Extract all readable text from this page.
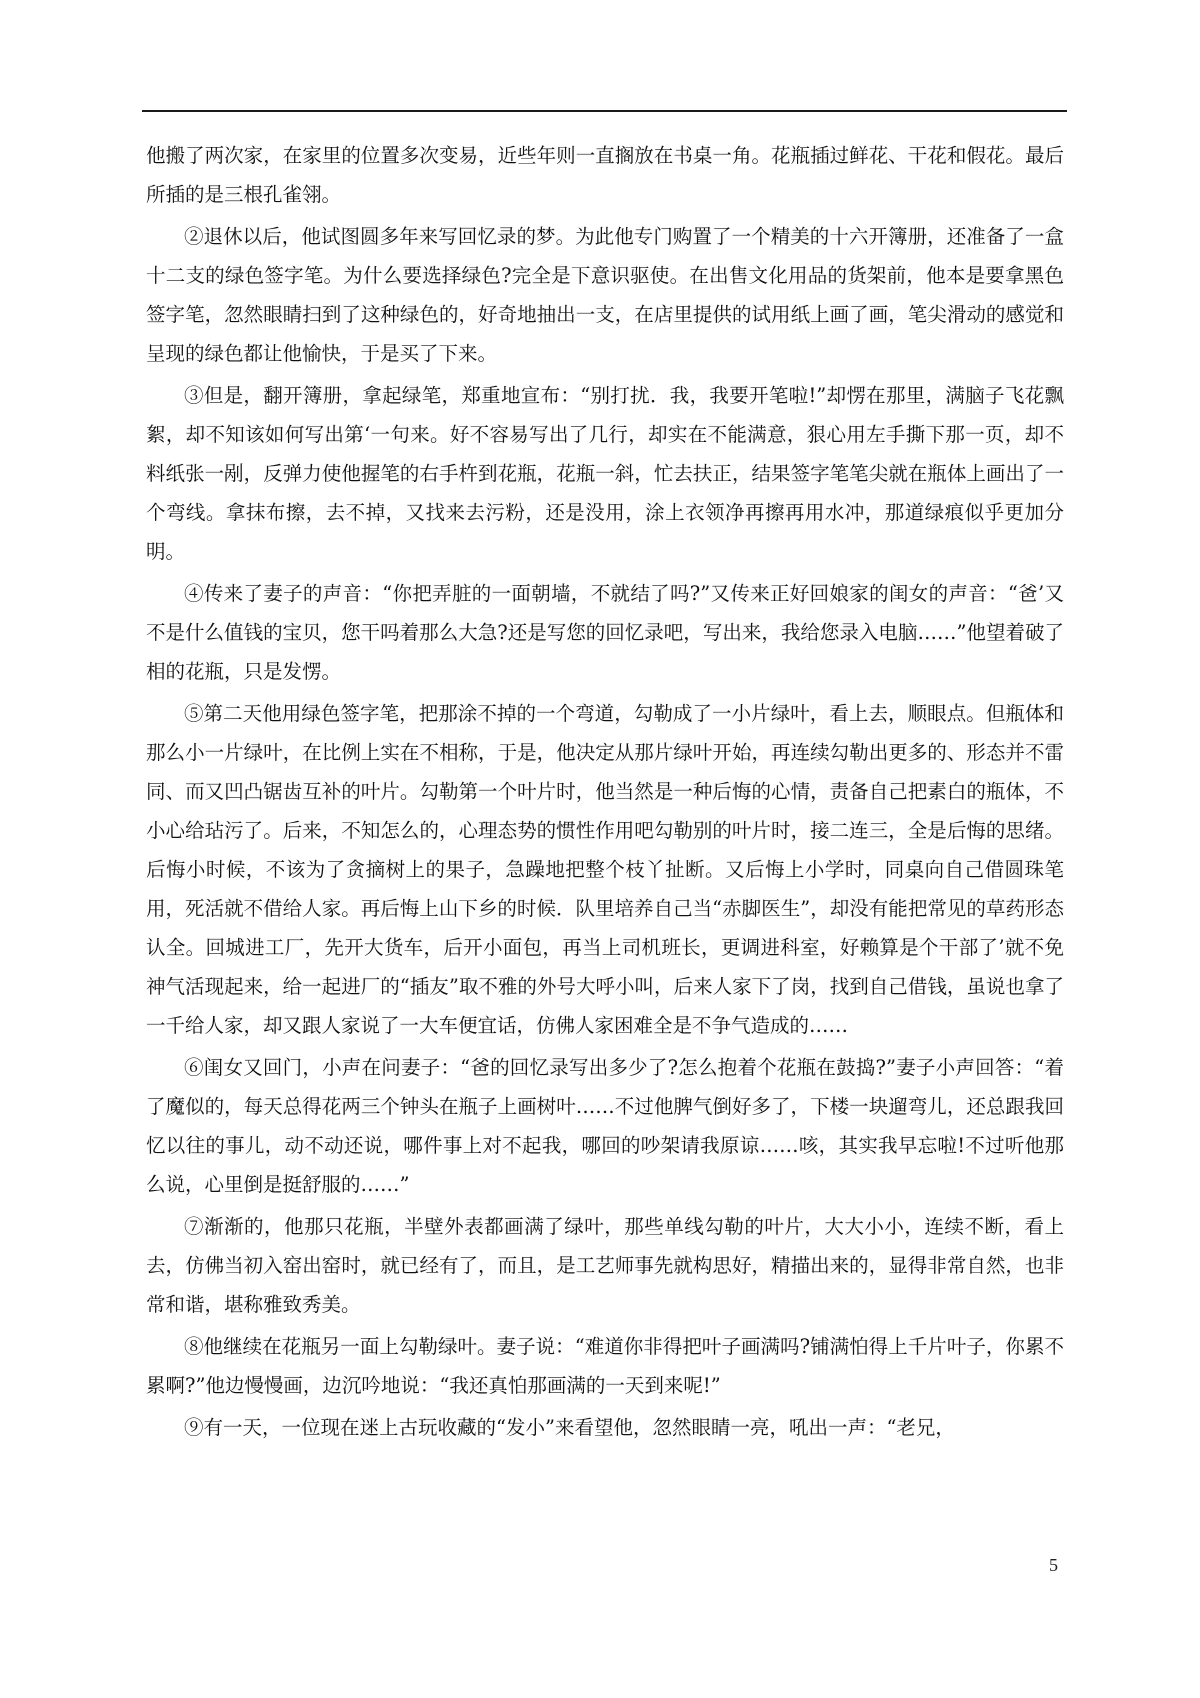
他搬了两次家，在家里的位置多次变易，近些年则一直搁放在书桌一角。花瓶插过鲜花、干花和假花。最后所插的是三根孔雀翎。

②退休以后，他试图圆多年来写回忆录的梦。为此他专门购置了一个精美的十六开簿册，还准备了一盒十二支的绿色签字笔。为什么要选择绿色?完全是下意识驱使。在出售文化用品的货架前，他本是要拿黑色签字笔，忽然眼睛扫到了这种绿色的，好奇地抽出一支，在店里提供的试用纸上画了画，笔尖滑动的感觉和呈现的绿色都让他愉快，于是买了下来。

③但是，翻开簿册，拿起绿笔，郑重地宣布：“别打扰．我，我要开笔啦!”却愣在那里，满脑子飞花飘絮，却不知该如何写出第‘一句来。好不容易写出了几行，却实在不能满意，狠心用左手撕下那一页，却不料纸张一剐，反弹力使他握笔的右手杵到花瓶，花瓶一斜，忙去扶正，结果签字笔笔尖就在瓶体上画出了一个弯线。拿抹布擦，去不掉，又找来去污粉，还是没用，涂上衣领净再擦再用水冲，那道绿痕似乎更加分明。

④传来了妻子的声音：“你把弄脏的一面朝墙，不就结了吗?”又传来正好回娘家的闺女的声音：“爸’又不是什么值钱的宝贝，您干吗着那么大急?还是写您的回忆录吧，写出来，我给您录入电脑……”他望着破了相的花瓶，只是发愣。

⑤第二天他用绿色签字笔，把那涂不掉的一个弯道，勾勒成了一小片绿叶，看上去，顺眼点。但瓶体和那么小一片绿叶，在比例上实在不相称，于是，他决定从那片绿叶开始，再连续勾勒出更多的、形态并不雷同、而又凹凸锯齿互补的叶片。勾勒第一个叶片时，他当然是一种后悔的心情，责备自己把素白的瓶体，不小心给玷污了。后来，不知怎么的，心理态势的惯性作用吧勾勒别的叶片时，接二连三，全是后悔的思绪。后悔小时候，不该为了贪摘树上的果子，急躁地把整个枝丫扯断。又后悔上小学时，同桌向自己借圆珠笔用，死活就不借给人家。再后悔上山下乡的时候．队里培养自己当“赤脚医生”，却没有能把常见的草药形态认全。回城进工厂，先开大货车，后开小面包，再当上司机班长，更调进科室，好赖算是个干部了’就不免神气活现起来，给一起进厂的“插友”取不雅的外号大呼小叫，后来人家下了岗，找到自己借钱，虽说也拿了一千给人家，却又跟人家说了一大车便宜话，仿佛人家困难全是不争气造成的……

⑥闺女又回门，小声在问妻子：“爸的回忆录写出多少了?怎么抱着个花瓶在鼓捣?”妻子小声回答：“着了魔似的，每天总得花两三个钟头在瓶子上画树叶……不过他脾气倒好多了，下楼一块遛弯儿，还总跟我回忆以往的事儿，动不动还说，哪件事上对不起我，哪回的吵架请我原谅……咳，其实我早忘啦!不过听他那么说，心里倒是挺舒服的……”

⑦渐渐的，他那只花瓶，半壁外表都画满了绿叶，那些单线勾勒的叶片，大大小小，连续不断，看上去，仿佛当初入窑出窑时，就已经有了，而且，是工艺师事先就构思好，精描出来的，显得非常自然，也非常和谐，堪称雅致秀美。

⑧他继续在花瓶另一面上勾勒绿叶。妻子说：“难道你非得把叶子画满吗?铺满怕得上千片叶子，你累不累啊?”他边慢慢画，边沉吟地说：“我还真怕那画满的一天到来呢!”

⑨有一天，一位现在迷上古玩收藏的“发小”来看望他，忽然眼睛一亮，吼出一声：“老兄，

5
